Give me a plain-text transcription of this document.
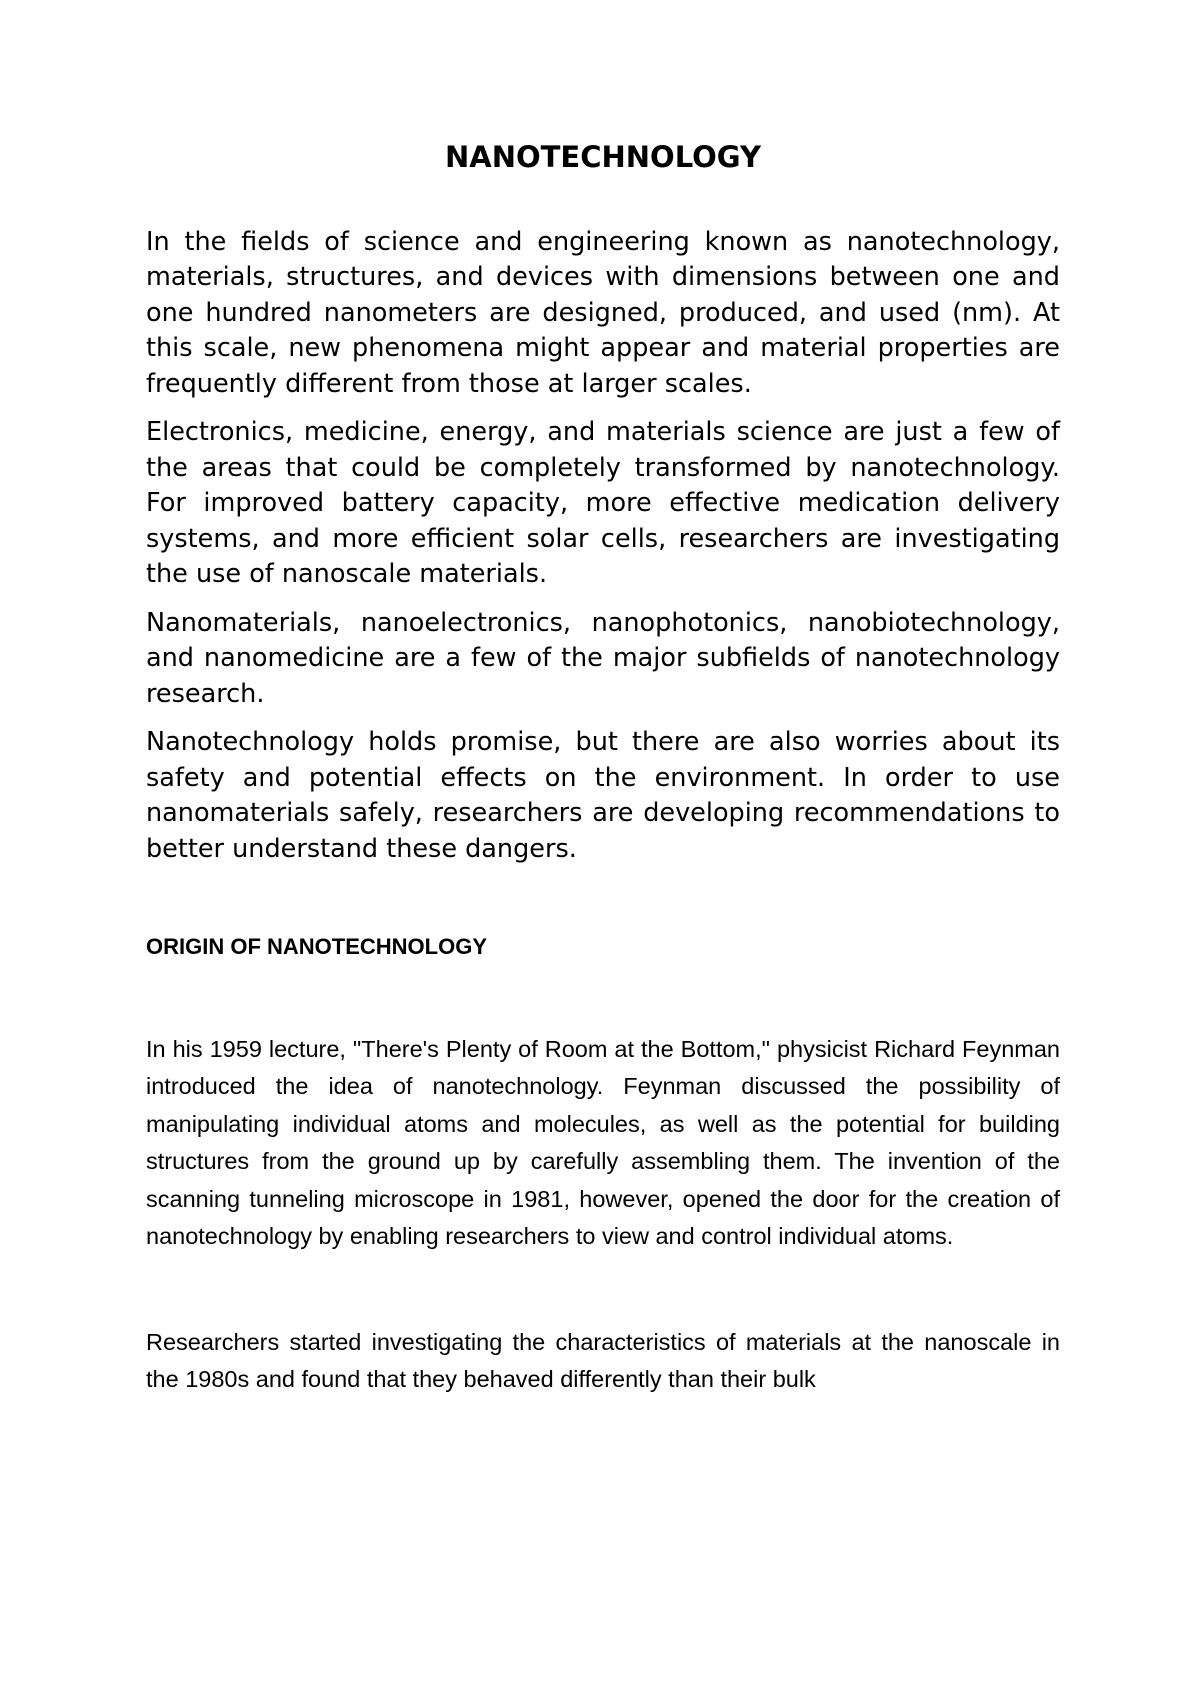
NANOTECHNOLOGY

In the fields of science and engineering known as nanotechnology, materials, structures, and devices with dimensions between one and one hundred nanometers are designed, produced, and used (nm). At this scale, new phenomena might appear and material properties are frequently different from those at larger scales.

Electronics, medicine, energy, and materials science are just a few of the areas that could be completely transformed by nanotechnology. For improved battery capacity, more effective medication delivery systems, and more efficient solar cells, researchers are investigating the use of nanoscale materials.

Nanomaterials, nanoelectronics, nanophotonics, nanobiotechnology, and nanomedicine are a few of the major subfields of nanotechnology research.

Nanotechnology holds promise, but there are also worries about its safety and potential effects on the environment. In order to use nanomaterials safely, researchers are developing recommendations to better understand these dangers.

ORIGIN OF NANOTECHNOLOGY

In his 1959 lecture, "There's Plenty of Room at the Bottom," physicist Richard Feynman introduced the idea of nanotechnology. Feynman discussed the possibility of manipulating individual atoms and molecules, as well as the potential for building structures from the ground up by carefully assembling them. The invention of the scanning tunneling microscope in 1981, however, opened the door for the creation of nanotechnology by enabling researchers to view and control individual atoms.

Researchers started investigating the characteristics of materials at the nanoscale in the 1980s and found that they behaved differently than their bulk
